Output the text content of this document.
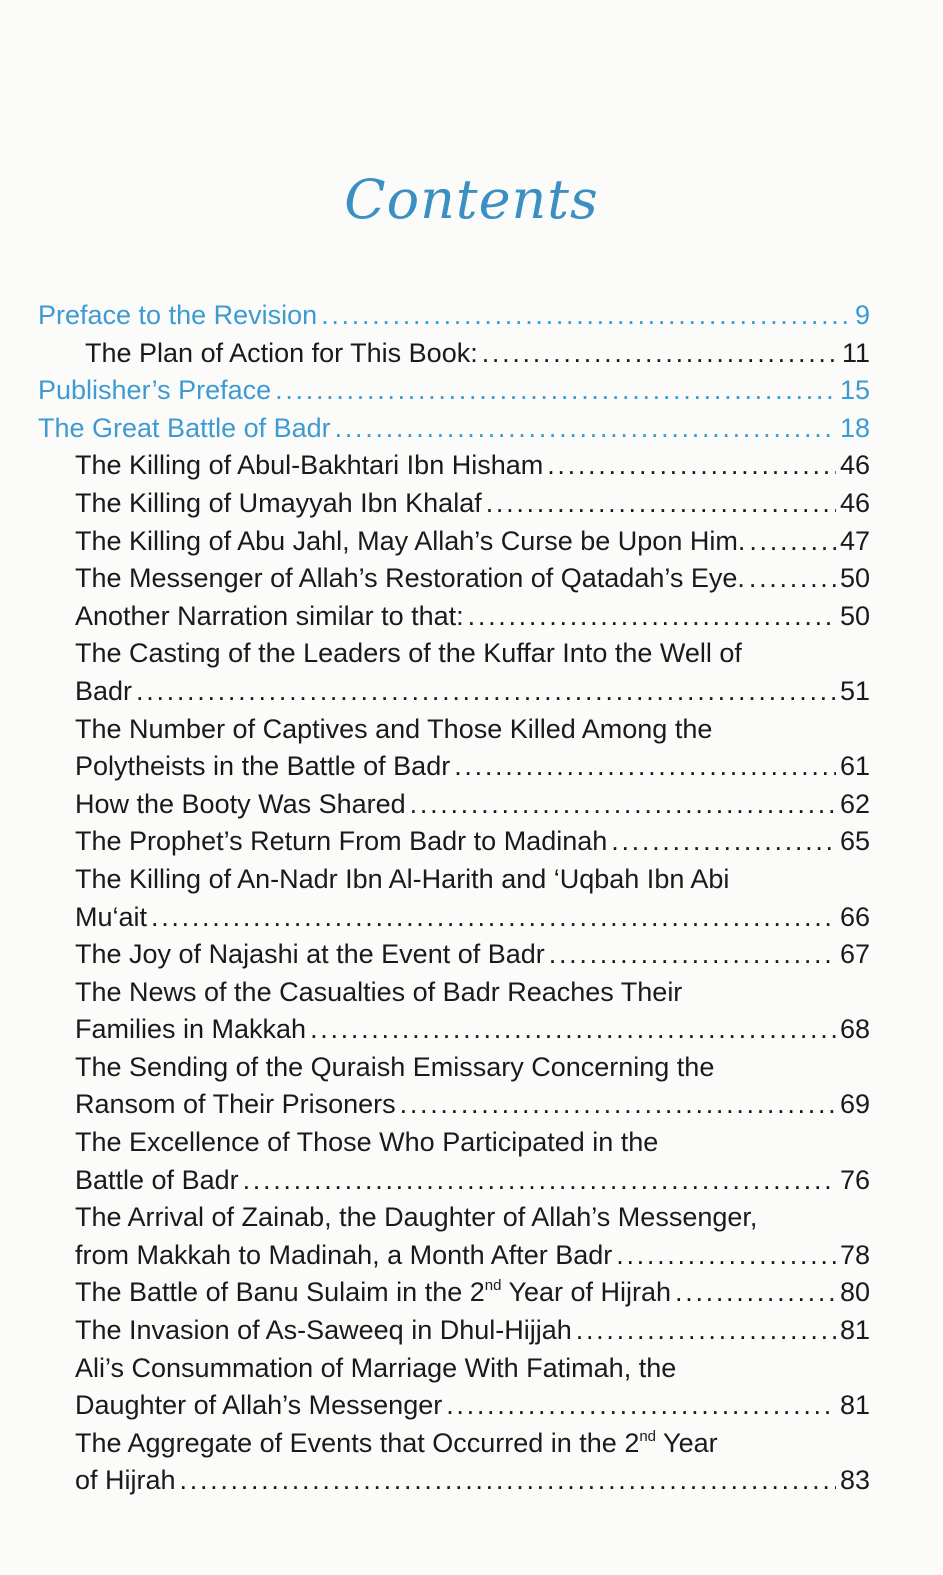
Contents
Preface to the Revision . . .	9
The Plan of Action for This Book: . . .	11
Publisher’s Preface . . .	15
The Great Battle of Badr . . .	18
The Killing of Abul-Bakhtari Ibn Hisham . . .	46
The Killing of Umayyah Ibn Khalaf . . .	46
The Killing of Abu Jahl, May Allah’s Curse be Upon Him. . . .	47
The Messenger of Allah’s Restoration of Qatadah’s Eye. . . .	50
Another Narration similar to that: . . .	50
The Casting of the Leaders of the Kuffar Into the Well of
Badr . . .	51
The Number of Captives and Those Killed Among the
Polytheists in the Battle of Badr . . .	61
How the Booty Was Shared . . .	62
The Prophet’s Return From Badr to Madinah . . .	65
The Killing of An-Nadr Ibn Al-Harith and ‘Uqbah Ibn Abi
Mu‘ait . . .	66
The Joy of Najashi at the Event of Badr . . .	67
The News of the Casualties of Badr Reaches Their
Families in Makkah . . .	68
The Sending of the Quraish Emissary Concerning the
Ransom of Their Prisoners . . .	69
The Excellence of Those Who Participated in the
Battle of Badr . . .	76
The Arrival of Zainab, the Daughter of Allah’s Messenger,
from Makkah to Madinah, a Month After Badr . . .	78
The Battle of Banu Sulaim in the 2nd Year of Hijrah . . .	80
The Invasion of As-Saweeq in Dhul-Hijjah . . .	81
Ali’s Consummation of Marriage With Fatimah, the
Daughter of Allah’s Messenger . . .	81
The Aggregate of Events that Occurred in the 2nd Year
of Hijrah . . .	83
